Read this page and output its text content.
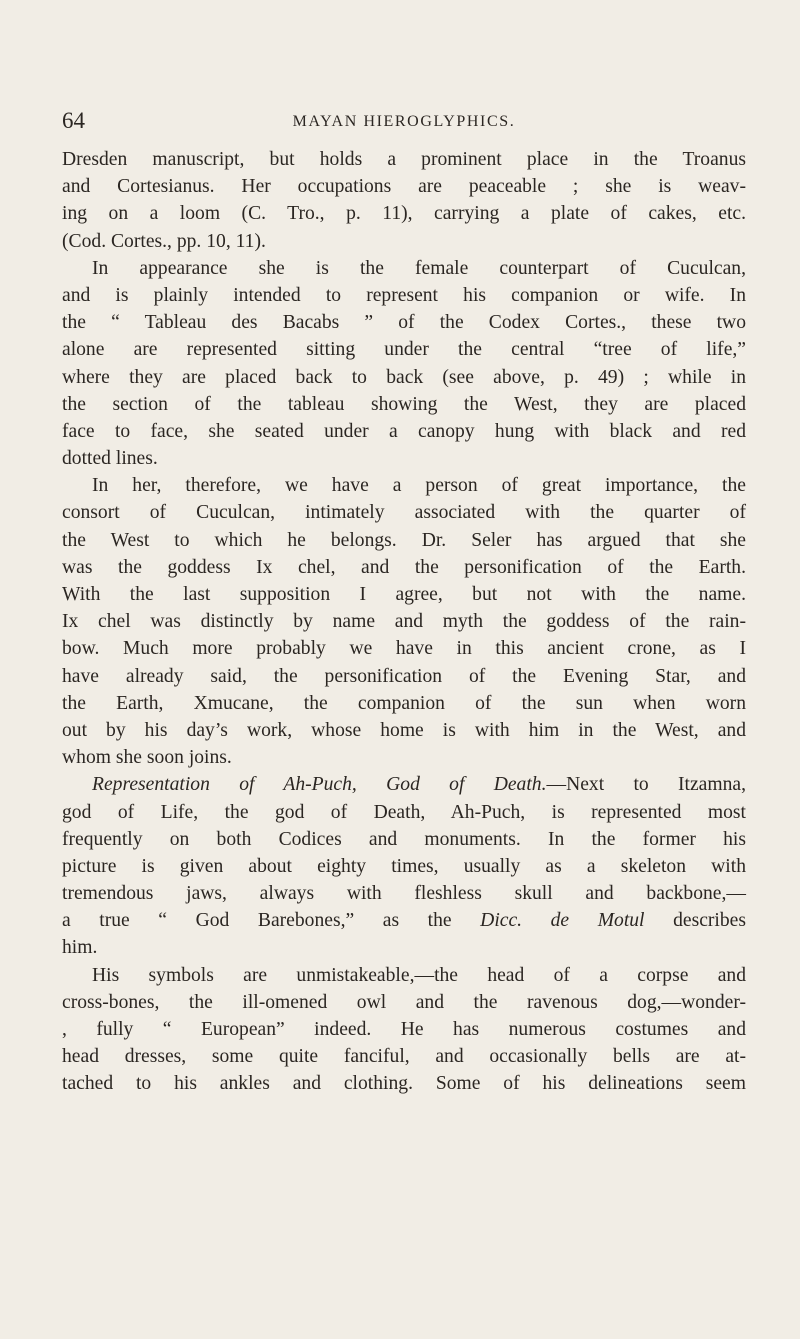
64	MAYAN HIEROGLYPHICS.
Dresden manuscript, but holds a prominent place in the Troanus
and Cortesianus. Her occupations are peaceable ; she is weav-
ing on a loom (C. Tro., p. 11), carrying a plate of cakes, etc.
(Cod. Cortes., pp. 10, 11).
In appearance she is the female counterpart of Cuculcan,
and is plainly intended to represent his companion or wife. In
the “ Tableau des Bacabs ” of the Codex Cortes., these two
alone are represented sitting under the central “tree of life,”
where they are placed back to back (see above, p. 49) ; while in
the section of the tableau showing the West, they are placed
face to face, she seated under a canopy hung with black and red
dotted lines.
In her, therefore, we have a person of great importance, the
consort of Cuculcan, intimately associated with the quarter of
the West to which he belongs. Dr. Seler has argued that she
was the goddess Ix chel, and the personification of the Earth.
With the last supposition I agree, but not with the name.
Ix chel was distinctly by name and myth the goddess of the rain-
bow. Much more probably we have in this ancient crone, as I
have already said, the personification of the Evening Star, and
the Earth, Xmucane, the companion of the sun when worn
out by his day’s work, whose home is with him in the West, and
whom she soon joins.
Representation of Ah-Puch, God of Death.—Next to Itzamna,
god of Life, the god of Death, Ah-Puch, is represented most
frequently on both Codices and monuments. In the former his
picture is given about eighty times, usually as a skeleton with
tremendous jaws, always with fleshless skull and backbone,—
a true “ God Barebones,” as the Dicc. de Motul describes
him.
His symbols are unmistakeable,—the head of a corpse and
cross-bones, the ill-omened owl and the ravenous dog,—wonder-
, fully “ European” indeed. He has numerous costumes and
head dresses, some quite fanciful, and occasionally bells are at-
tached to his ankles and clothing. Some of his delineations seem
